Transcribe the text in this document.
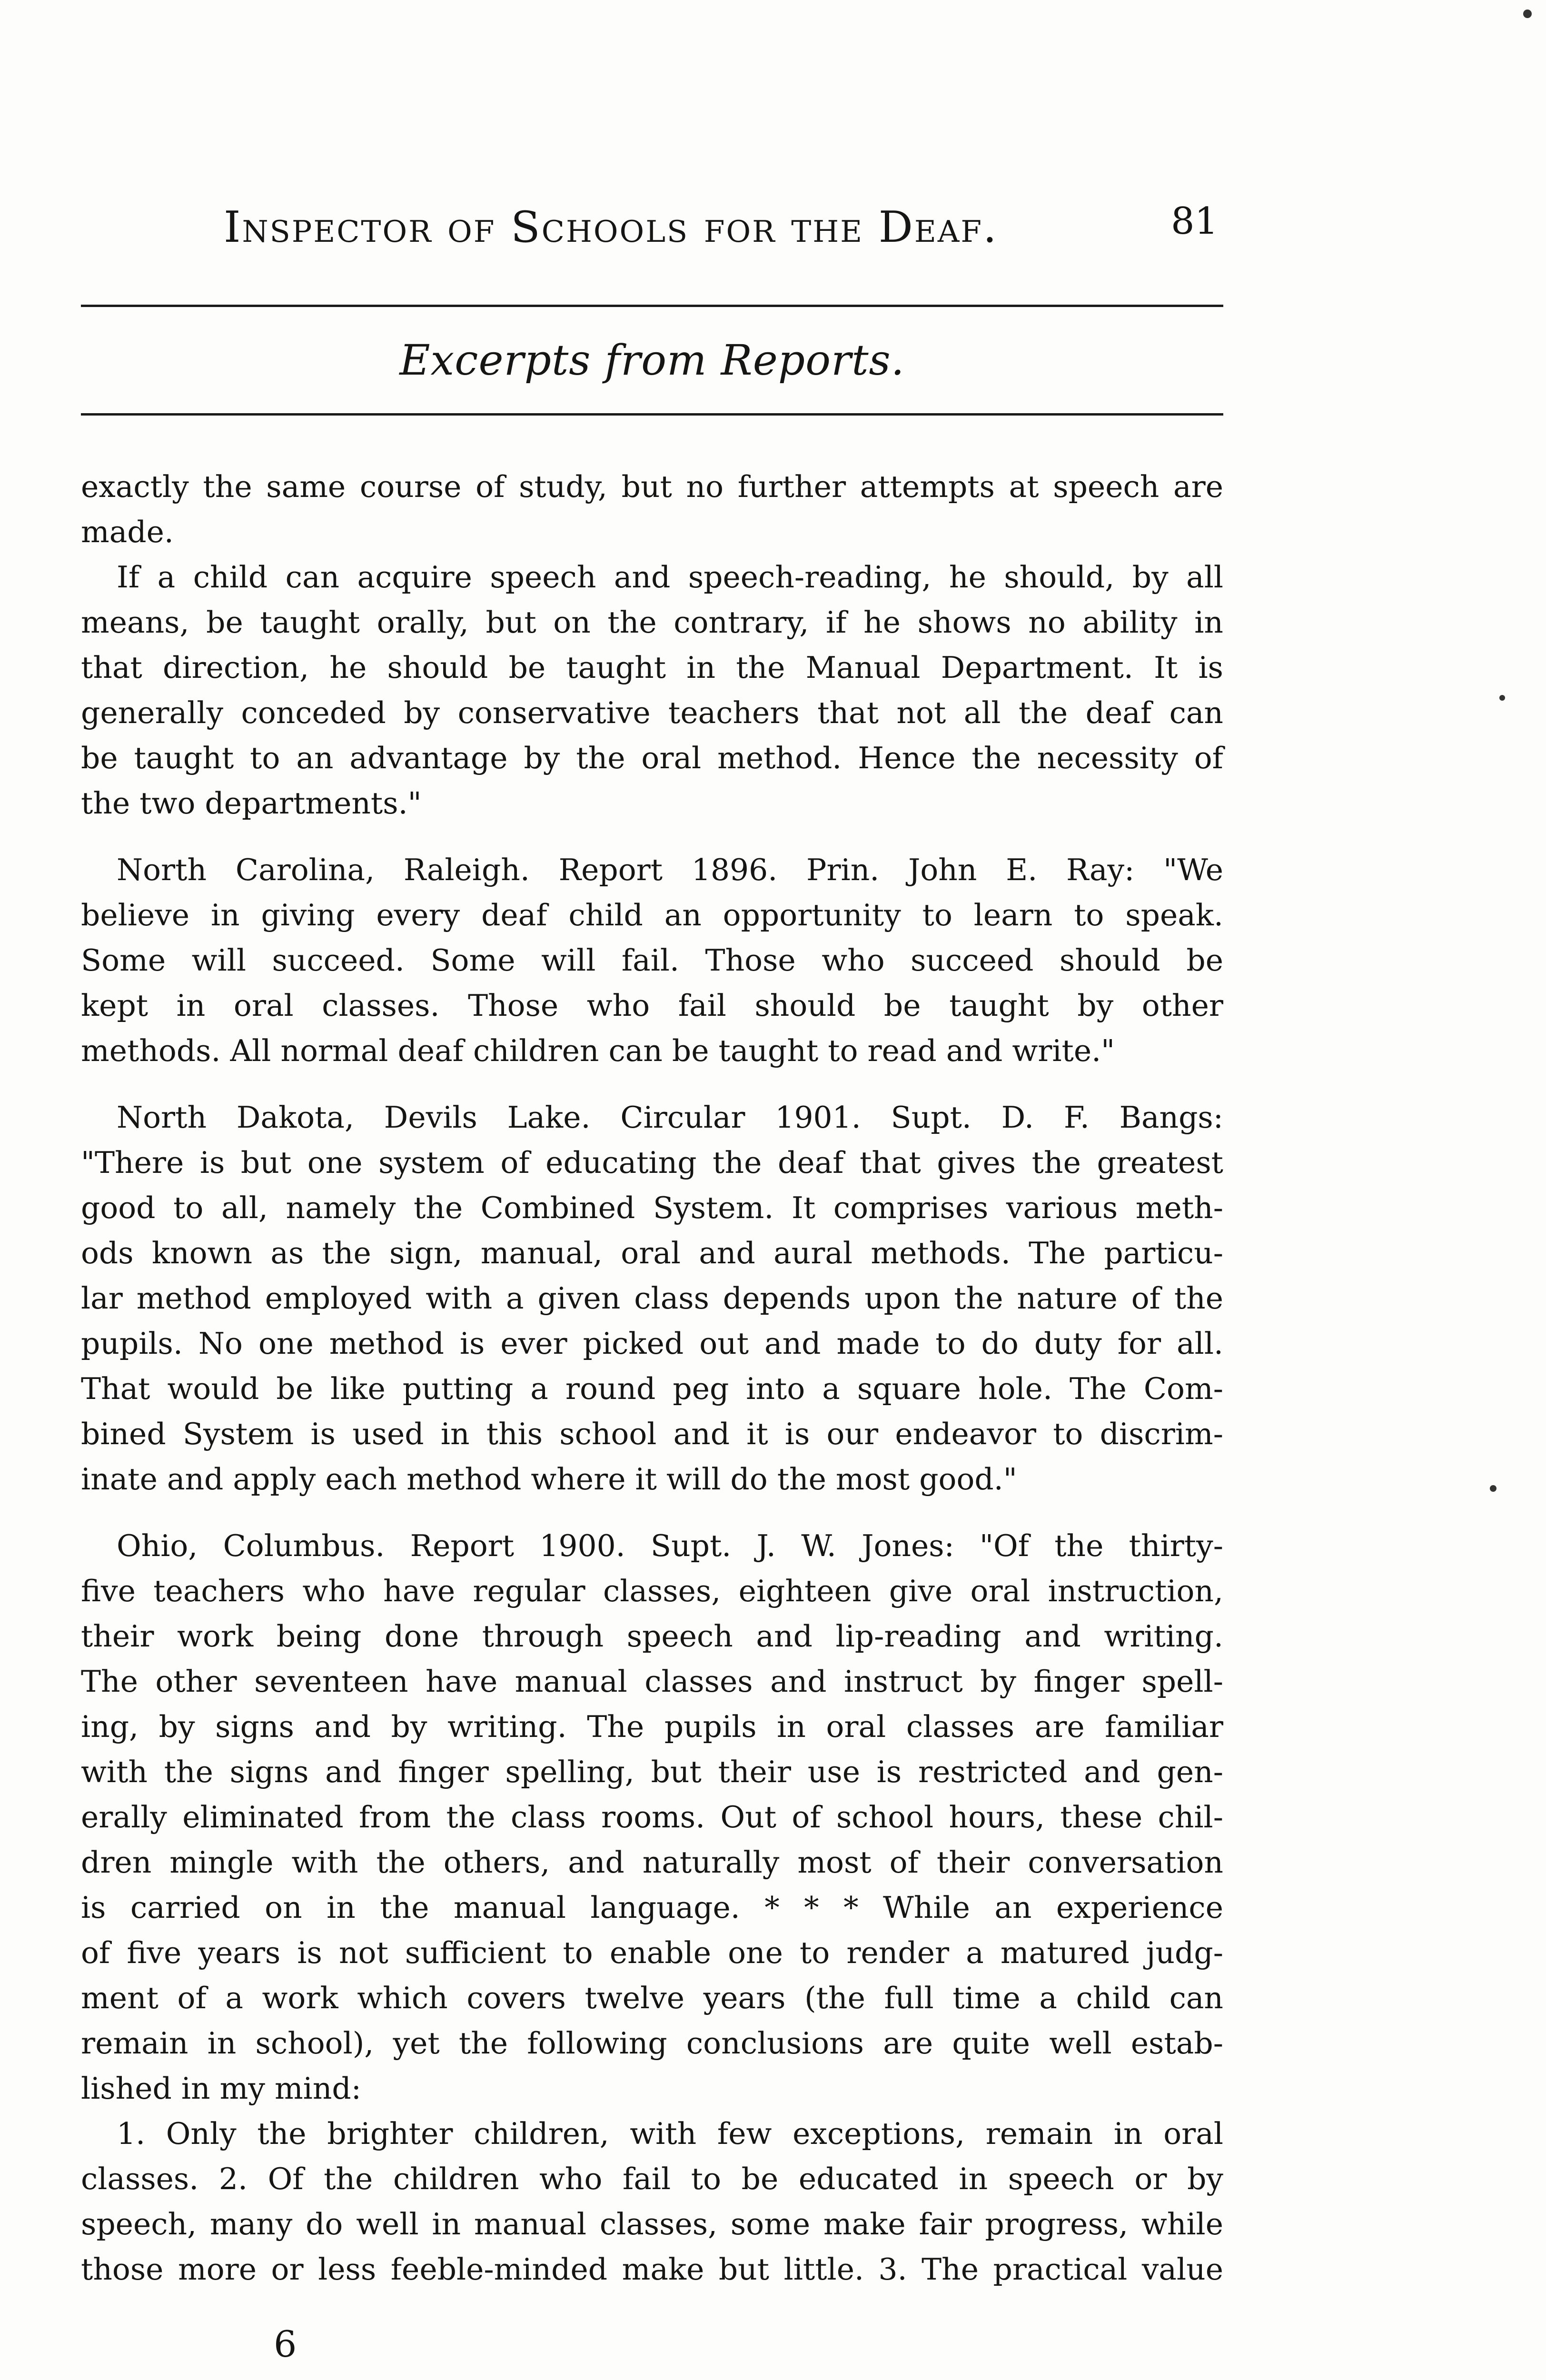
Inspector of Schools for the Deaf.	81
Excerpts from Reports.
exactly the same course of study, but no further attempts at speech are
made.
If a child can acquire speech and speech-reading, he should, by all
means, be taught orally, but on the contrary, if he shows no ability in
that direction, he should be taught in the Manual Department. It is
generally conceded by conservative teachers that not all the deaf can
be taught to an advantage by the oral method. Hence the necessity of
the two departments."
North Carolina, Raleigh. Report 1896. Prin. John E. Ray: "We
believe in giving every deaf child an opportunity to learn to speak.
Some will succeed. Some will fail. Those who succeed should be
kept in oral classes. Those who fail should be taught by other
methods. All normal deaf children can be taught to read and write."
North Dakota, Devils Lake. Circular 1901. Supt. D. F. Bangs:
"There is but one system of educating the deaf that gives the greatest
good to all, namely the Combined System. It comprises various meth-
ods known as the sign, manual, oral and aural methods. The particu-
lar method employed with a given class depends upon the nature of the
pupils. No one method is ever picked out and made to do duty for all.
That would be like putting a round peg into a square hole. The Com-
bined System is used in this school and it is our endeavor to discrim-
inate and apply each method where it will do the most good."
Ohio, Columbus. Report 1900. Supt. J. W. Jones: "Of the thirty-
five teachers who have regular classes, eighteen give oral instruction,
their work being done through speech and lip-reading and writing.
The other seventeen have manual classes and instruct by finger spell-
ing, by signs and by writing. The pupils in oral classes are familiar
with the signs and finger spelling, but their use is restricted and gen-
erally eliminated from the class rooms. Out of school hours, these chil-
dren mingle with the others, and naturally most of their conversation
is carried on in the manual language. * * * While an experience
of five years is not sufficient to enable one to render a matured judg-
ment of a work which covers twelve years (the full time a child can
remain in school), yet the following conclusions are quite well estab-
lished in my mind:
1. Only the brighter children, with few exceptions, remain in oral
classes. 2. Of the children who fail to be educated in speech or by
speech, many do well in manual classes, some make fair progress, while
those more or less feeble-minded make but little. 3. The practical value
6
